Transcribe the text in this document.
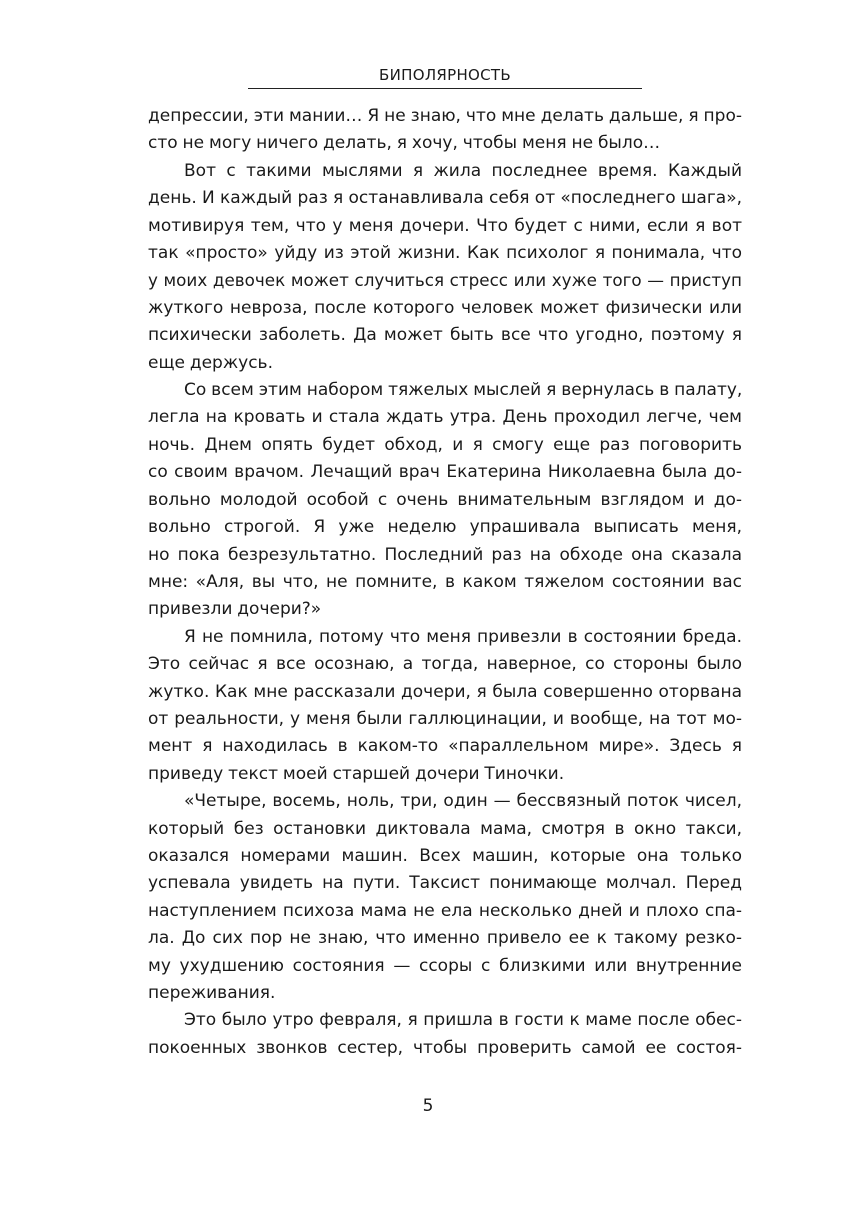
БИПОЛЯРНОСТЬ

депрессии, эти мании… Я не знаю, что мне делать дальше, я про-

сто не могу ничего делать, я хочу, чтобы меня не было…

Вот с такими мыслями я жила последнее время. Каждый

день. И каждый раз я останавливала себя от «последнего шага»,

мотивируя тем, что у меня дочери. Что будет с ними, если я вот

так «просто» уйду из этой жизни. Как психолог я понимала, что

у моих девочек может случиться стресс или хуже того — приступ

жуткого невроза, после которого человек может физически или

психически заболеть. Да может быть все что угодно, поэтому я

еще держусь.

Со всем этим набором тяжелых мыслей я вернулась в палату,

легла на кровать и стала ждать утра. День проходил легче, чем

ночь. Днем опять будет обход, и я смогу еще раз поговорить

со своим врачом. Лечащий врач Екатерина Николаевна была до-

вольно молодой особой с очень внимательным взглядом и до-

вольно строгой. Я уже неделю упрашивала выписать меня,

но пока безрезультатно. Последний раз на обходе она сказала

мне: «Аля, вы что, не помните, в каком тяжелом состоянии вас

привезли дочери?»

Я не помнила, потому что меня привезли в состоянии бреда.

Это сейчас я все осознаю, а тогда, наверное, со стороны было

жутко. Как мне рассказали дочери, я была совершенно оторвана

от реальности, у меня были галлюцинации, и вообще, на тот мо-

мент я находилась в каком-то «параллельном мире». Здесь я

приведу текст моей старшей дочери Тиночки.

«Четыре, восемь, ноль, три, один — бессвязный поток чисел,

который без остановки диктовала мама, смотря в окно такси,

оказался номерами машин. Всех машин, которые она только

успевала увидеть на пути. Таксист понимающе молчал. Перед

наступлением психоза мама не ела несколько дней и плохо спа-

ла. До сих пор не знаю, что именно привело ее к такому резко-

му ухудшению состояния — ссоры с близкими или внутренние

переживания.

Это было утро февраля, я пришла в гости к маме после обес-

покоенных звонков сестер, чтобы проверить самой ее состоя-

5
